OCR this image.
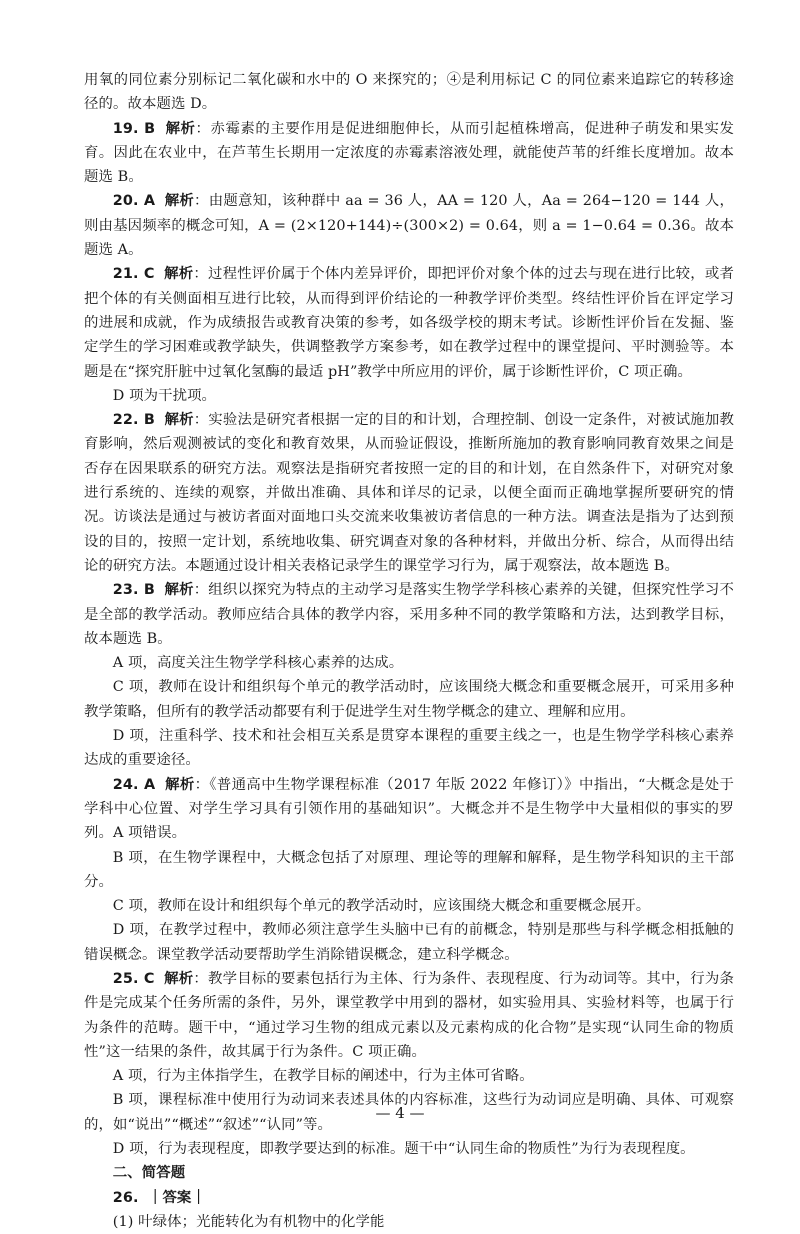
用氧的同位素分别标记二氧化碳和水中的 O 来探究的；④是利用标记 C 的同位素来追踪它的转移途径的。故本题选 D。

19. B 解析：赤霉素的主要作用是促进细胞伸长，从而引起植株增高，促进种子萌发和果实发育。因此在农业中，在芦苇生长期用一定浓度的赤霉素溶液处理，就能使芦苇的纤维长度增加。故本题选 B。

20. A 解析：由题意知，该种群中 aa = 36 人，AA = 120 人，Aa = 264−120 = 144 人，则由基因频率的概念可知，A = (2×120+144)÷(300×2) = 0.64，则 a = 1−0.64 = 0.36。故本题选 A。

21. C 解析：过程性评价属于个体内差异评价，即把评价对象个体的过去与现在进行比较，或者把个体的有关侧面相互进行比较，从而得到评价结论的一种教学评价类型。终结性评价旨在评定学习的进展和成就，作为成绩报告或教育决策的参考，如各级学校的期末考试。诊断性评价旨在发掘、鉴定学生的学习困难或教学缺失，供调整教学方案参考，如在教学过程中的课堂提问、平时测验等。本题是在“探究肝脏中过氧化氢酶的最适 pH”教学中所应用的评价，属于诊断性评价，C 项正确。

D 项为干扰项。

22. B 解析：实验法是研究者根据一定的目的和计划，合理控制、创设一定条件，对被试施加教育影响，然后观测被试的变化和教育效果，从而验证假设，推断所施加的教育影响同教育效果之间是否存在因果联系的研究方法。观察法是指研究者按照一定的目的和计划，在自然条件下，对研究对象进行系统的、连续的观察，并做出准确、具体和详尽的记录，以便全面而正确地掌握所要研究的情况。访谈法是通过与被访者面对面地口头交流来收集被访者信息的一种方法。调查法是指为了达到预设的目的，按照一定计划，系统地收集、研究调查对象的各种材料，并做出分析、综合，从而得出结论的研究方法。本题通过设计相关表格记录学生的课堂学习行为，属于观察法，故本题选 B。

23. B 解析：组织以探究为特点的主动学习是落实生物学学科核心素养的关键，但探究性学习不是全部的教学活动。教师应结合具体的教学内容，采用多种不同的教学策略和方法，达到教学目标，故本题选 B。

A 项，高度关注生物学学科核心素养的达成。

C 项，教师在设计和组织每个单元的教学活动时，应该围绕大概念和重要概念展开，可采用多种教学策略，但所有的教学活动都要有利于促进学生对生物学概念的建立、理解和应用。

D 项，注重科学、技术和社会相互关系是贯穿本课程的重要主线之一，也是生物学学科核心素养达成的重要途径。

24. A 解析：《普通高中生物学课程标准（2017 年版 2022 年修订）》中指出，“大概念是处于学科中心位置、对学生学习具有引领作用的基础知识”。大概念并不是生物学中大量相似的事实的罗列。A 项错误。

B 项，在生物学课程中，大概念包括了对原理、理论等的理解和解释，是生物学科知识的主干部分。

C 项，教师在设计和组织每个单元的教学活动时，应该围绕大概念和重要概念展开。

D 项，在教学过程中，教师必须注意学生头脑中已有的前概念，特别是那些与科学概念相抵触的错误概念。课堂教学活动要帮助学生消除错误概念，建立科学概念。

25. C 解析：教学目标的要素包括行为主体、行为条件、表现程度、行为动词等。其中，行为条件是完成某个任务所需的条件，另外，课堂教学中用到的器材，如实验用具、实验材料等，也属于行为条件的范畴。题干中，“通过学习生物的组成元素以及元素构成的化合物”是实现“认同生命的物质性”这一结果的条件，故其属于行为条件。C 项正确。

A 项，行为主体指学生，在教学目标的阐述中，行为主体可省略。

B 项，课程标准中使用行为动词来表述具体的内容标准，这些行为动词应是明确、具体、可观察的，如“说出”“概述”“叙述”“认同”等。

D 项，行为表现程度，即教学要达到的标准。题干中“认同生命的物质性”为行为表现程度。

二、简答题

26. ｜答案｜

(1) 叶绿体；光能转化为有机物中的化学能

— 4 —
